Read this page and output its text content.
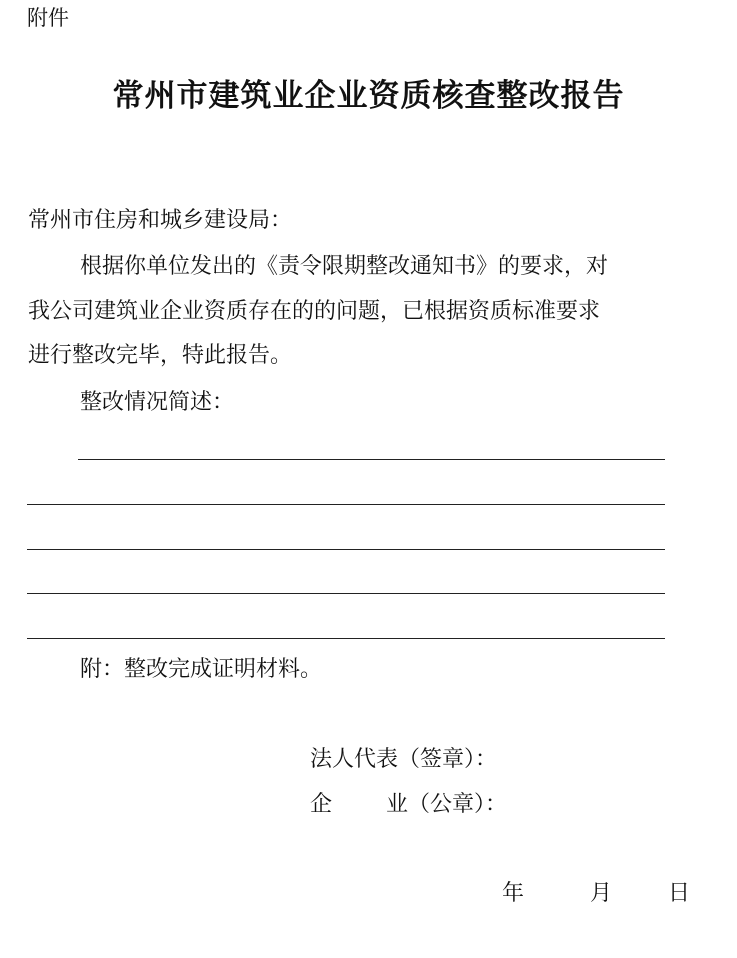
附件
常州市建筑业企业资质核查整改报告
常州市住房和城乡建设局：
根据你单位发出的《责令限期整改通知书》的要求，对
我公司建筑业企业资质存在的的问题，已根据资质标准要求
进行整改完毕，特此报告。
整改情况简述：
附：整改完成证明材料。
法人代表（签章）：
企 业（公章）：
年	月	日
